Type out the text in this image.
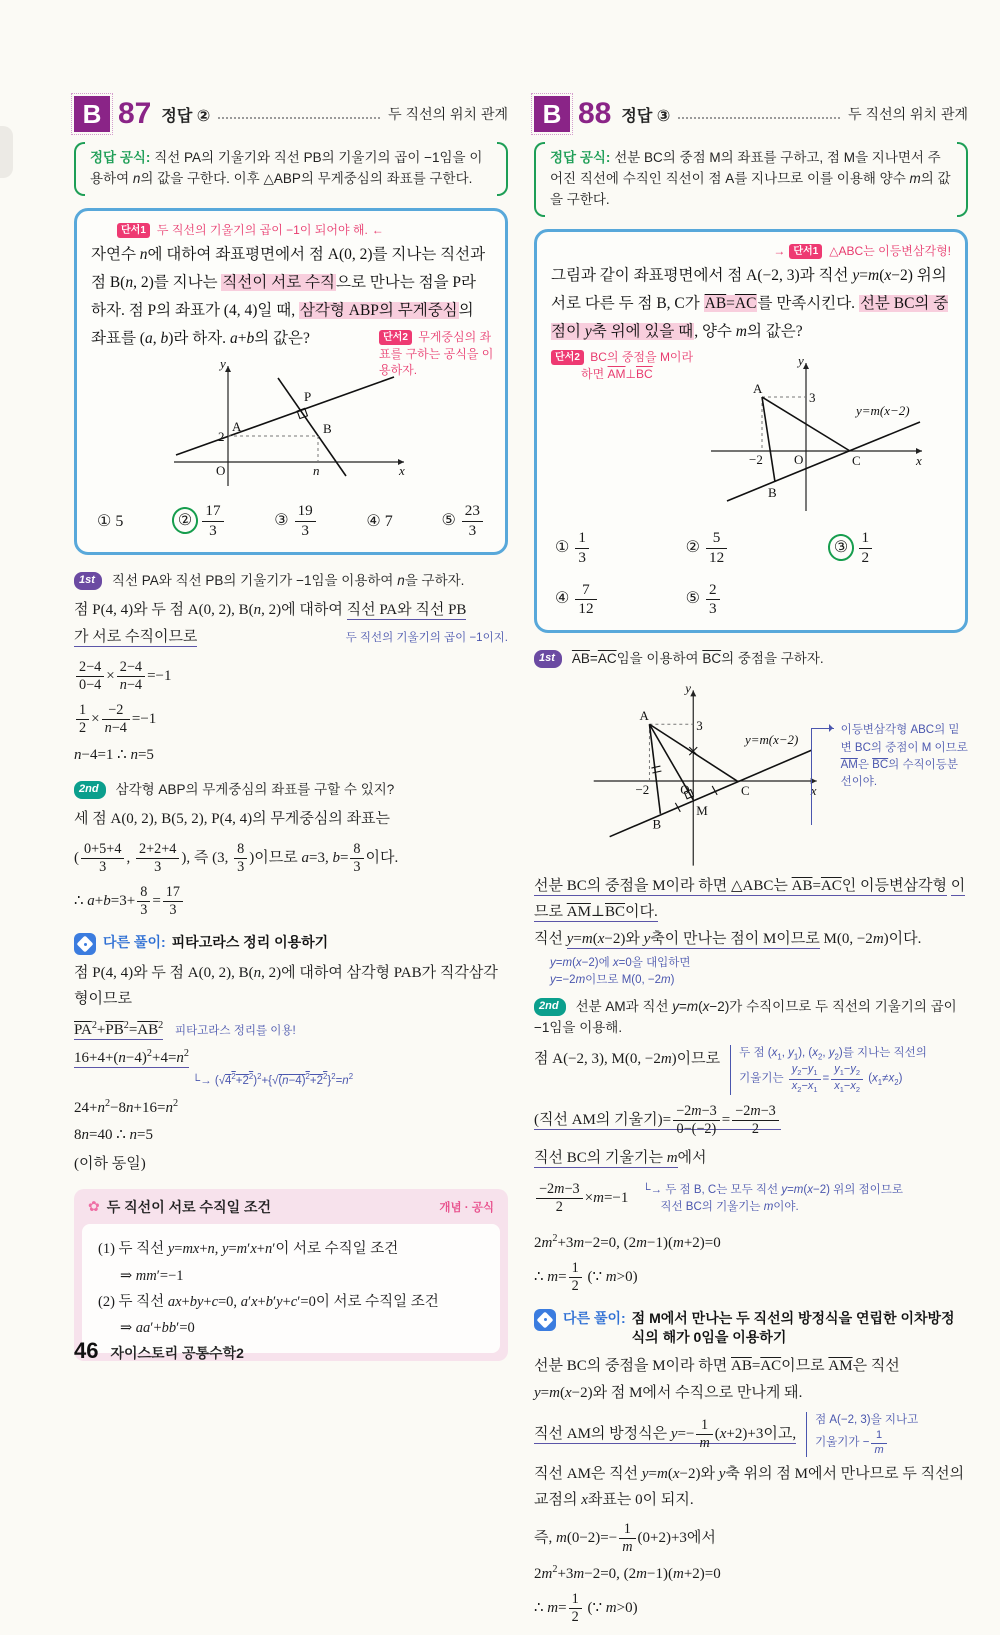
B 87 정답 ②	두 직선의 위치 관계
정답 공식: 직선 PA의 기울기와 직선 PB의 기울기의 곱이 −1임을 이용하여 n의 값을 구한다. 이후 △ABP의 무게중심의 좌표를 구한다.
단서1 두 직선의 기울기의 곱이 −1이 되어야 해. ←
자연수 n에 대하여 좌표평면에서 점 A(0, 2)를 지나는 직선과 점 B(n, 2)를 지나는 직선이 서로 수직으로 만나는 점을 P라 하자. 점 P의 좌표가 (4, 4)일 때, 삼각형 ABP의 무게중심의 좌표를 (a, b)라 하자. a+b의 값은?	단서2 무게중심의 좌표를 구하는 공식을 이용하자.
y
x
O
A
2
B
P
n
① 5	② $\frac{17}{3}$	③ $\frac{19}{3}$	④ 7	⑤ $\frac{23}{3}$
1st 직선 PA와 직선 PB의 기울기가 −1임을 이용하여 n을 구하자.
점 P(4, 4)와 두 점 A(0, 2), B(n, 2)에 대하여 직선 PA와 직선 PB
가 서로 수직이므로	두 직선의 기울기의 곱이 −1이지.
$\frac{2-4}{0-4} \times \frac{2-4}{n-4} =-1$
$\frac{1}{2} \times \frac{-2}{n-4} =-1$
n−4=1 ∴ n=5
2nd 삼각형 ABP의 무게중심의 좌표를 구할 수 있지?
세 점 A(0, 2), B(5, 2), P(4, 4)의 무게중심의 좌표는
( $\frac{0+5+4}{3}$ , $\frac{2+2+4}{3}$ ), 즉 (3, $\frac{8}{3}$ )이므로 a=3, $b= \frac{8}{3}$ 이다.
∴ $a+b=3+ \frac{8}{3} = \frac{17}{3}$
다른 풀이: 피타고라스 정리 이용하기
점 P(4, 4)와 두 점 A(0, 2), B(n, 2)에 대하여 삼각형 PAB가 직각삼각형이므로
$\overline{PA}^2+\overline{PB}^2=\overline{AB}^2$ 피타고라스 정리를 이용!
$16+4+(n-4)^2+4=n^2$
└→ $(√4^2+2^2)^2+\{√(n-4)^2+2^2\}^2=n^2$
$24+n^2-8n+16=n^2$
8n=40 ∴ n=5
(이하 동일)
✿ 두 직선이 서로 수직일 조건	개념 · 공식
(1) 두 직선 y=mx+n, y=m′x+n′이 서로 수직일 조건
⇒ mm′=−1
(2) 두 직선 ax+by+c=0, a′x+b′y+c′=0이 서로 수직일 조건
⇒ aa′+bb′=0
B 88 정답 ③	두 직선의 위치 관계
정답 공식: 선분 BC의 중점 M의 좌표를 구하고, 점 M을 지나면서 주어진 직선에 수직인 직선이 점 A를 지나므로 이를 이용해 양수 m의 값을 구한다.
→ 단서1 △ABC는 이등변삼각형!
그림과 같이 좌표평면에서 점 A(−2, 3)과 직선 y=m(x−2) 위의 서로 다른 두 점 B, C가 $\overline{AB}=\overline{AC}$를 만족시킨다. 선분 BC의 중점이 y축 위에 있을 때, 양수 m의 값은?
단서2 BC의 중점을 M이라
하면 $\overline{AM}\perp\overline{BC}$
y
x
O
A
3
−2
B
C
y=m(x−2)
① $\frac{1}{3}$	② $\frac{5}{12}$	③ $\frac{1}{2}$
④ $\frac{7}{12}$	⑤ $\frac{2}{3}$
1st $\overline{AB}=\overline{AC}$임을 이용하여 $\overline{BC}$의 중점을 구하자.
y
x
O
A
3
−2
B
C
M
y=m(x−2)
이등변삼각형 ABC의 밑변 BC의 중점이 M 이므로 $\overline{AM}$은 $\overline{BC}$의 수직이등분선이야.
선분 BC의 중점을 M이라 하면 △ABC는 $\overline{AB}=\overline{AC}$인 이등변삼각형 이므로 $\overline{AM}\perp\overline{BC}$이다.
직선 y=m(x−2)와 y축이 만나는 점이 M이므로 M(0, −2m)이다.
y=m(x−2)에 x=0을 대입하면
y=−2m이므로 M(0, −2m)
2nd 선분 AM과 직선 y=m(x−2)가 수직이므로 두 직선의 기울기의 곱이 −1임을 이용해.
점 A(−2, 3), M(0, −2m)이므로 두 점 ($x_1$, $y_1$), ($x_2$, $y_2$)를 지나는 직선의
기울기는 $\frac{y_2-y_1}{x_2-x_1} = \frac{y_1-y_2}{x_1-x_2} (x_1\ne x_2)$
(직선 AM의 기울기)= $\frac{-2m-3}{0-(-2)} = \frac{-2m-3}{2}$
직선 BC의 기울기는 m에서
$\frac{-2m-3}{2} \times m=-1$
└→ 두 점 B, C는 모두 직선 y=m(x−2) 위의 점이므로
직선 BC의 기울기는 m이야.
$2m^2+3m-2=0$, (2m−1)(m+2)=0
∴ $m= \frac{1}{2}$ (∵ m>0)
다른 풀이: 점 M에서 만나는 두 직선의 방정식을 연립한 이차방정식의 해가 0임을 이용하기
선분 BC의 중점을 M이라 하면 $\overline{AB}=\overline{AC}$이므로 $\overline{AM}$은 직선
y=m(x−2)와 점 M에서 수직으로 만나게 돼.
직선 AM의 방정식은 $y=- \frac{1}{m} (x+2)+3$이고,
점 A(−2, 3)을 지나고
기울기가 − $\frac{1}{m}$
직선 AM은 직선 y=m(x−2)와 y축 위의 점 M에서 만나므로 두 직선의 교점의 x좌표는 0이 되지.
즉, $m(0-2)=- \frac{1}{m} (0+2)+3$에서
$2m^2+3m-2=0$, (2m−1)(m+2)=0
∴ $m= \frac{1}{2}$ (∵ m>0)
46 자이스토리 공통수학2
